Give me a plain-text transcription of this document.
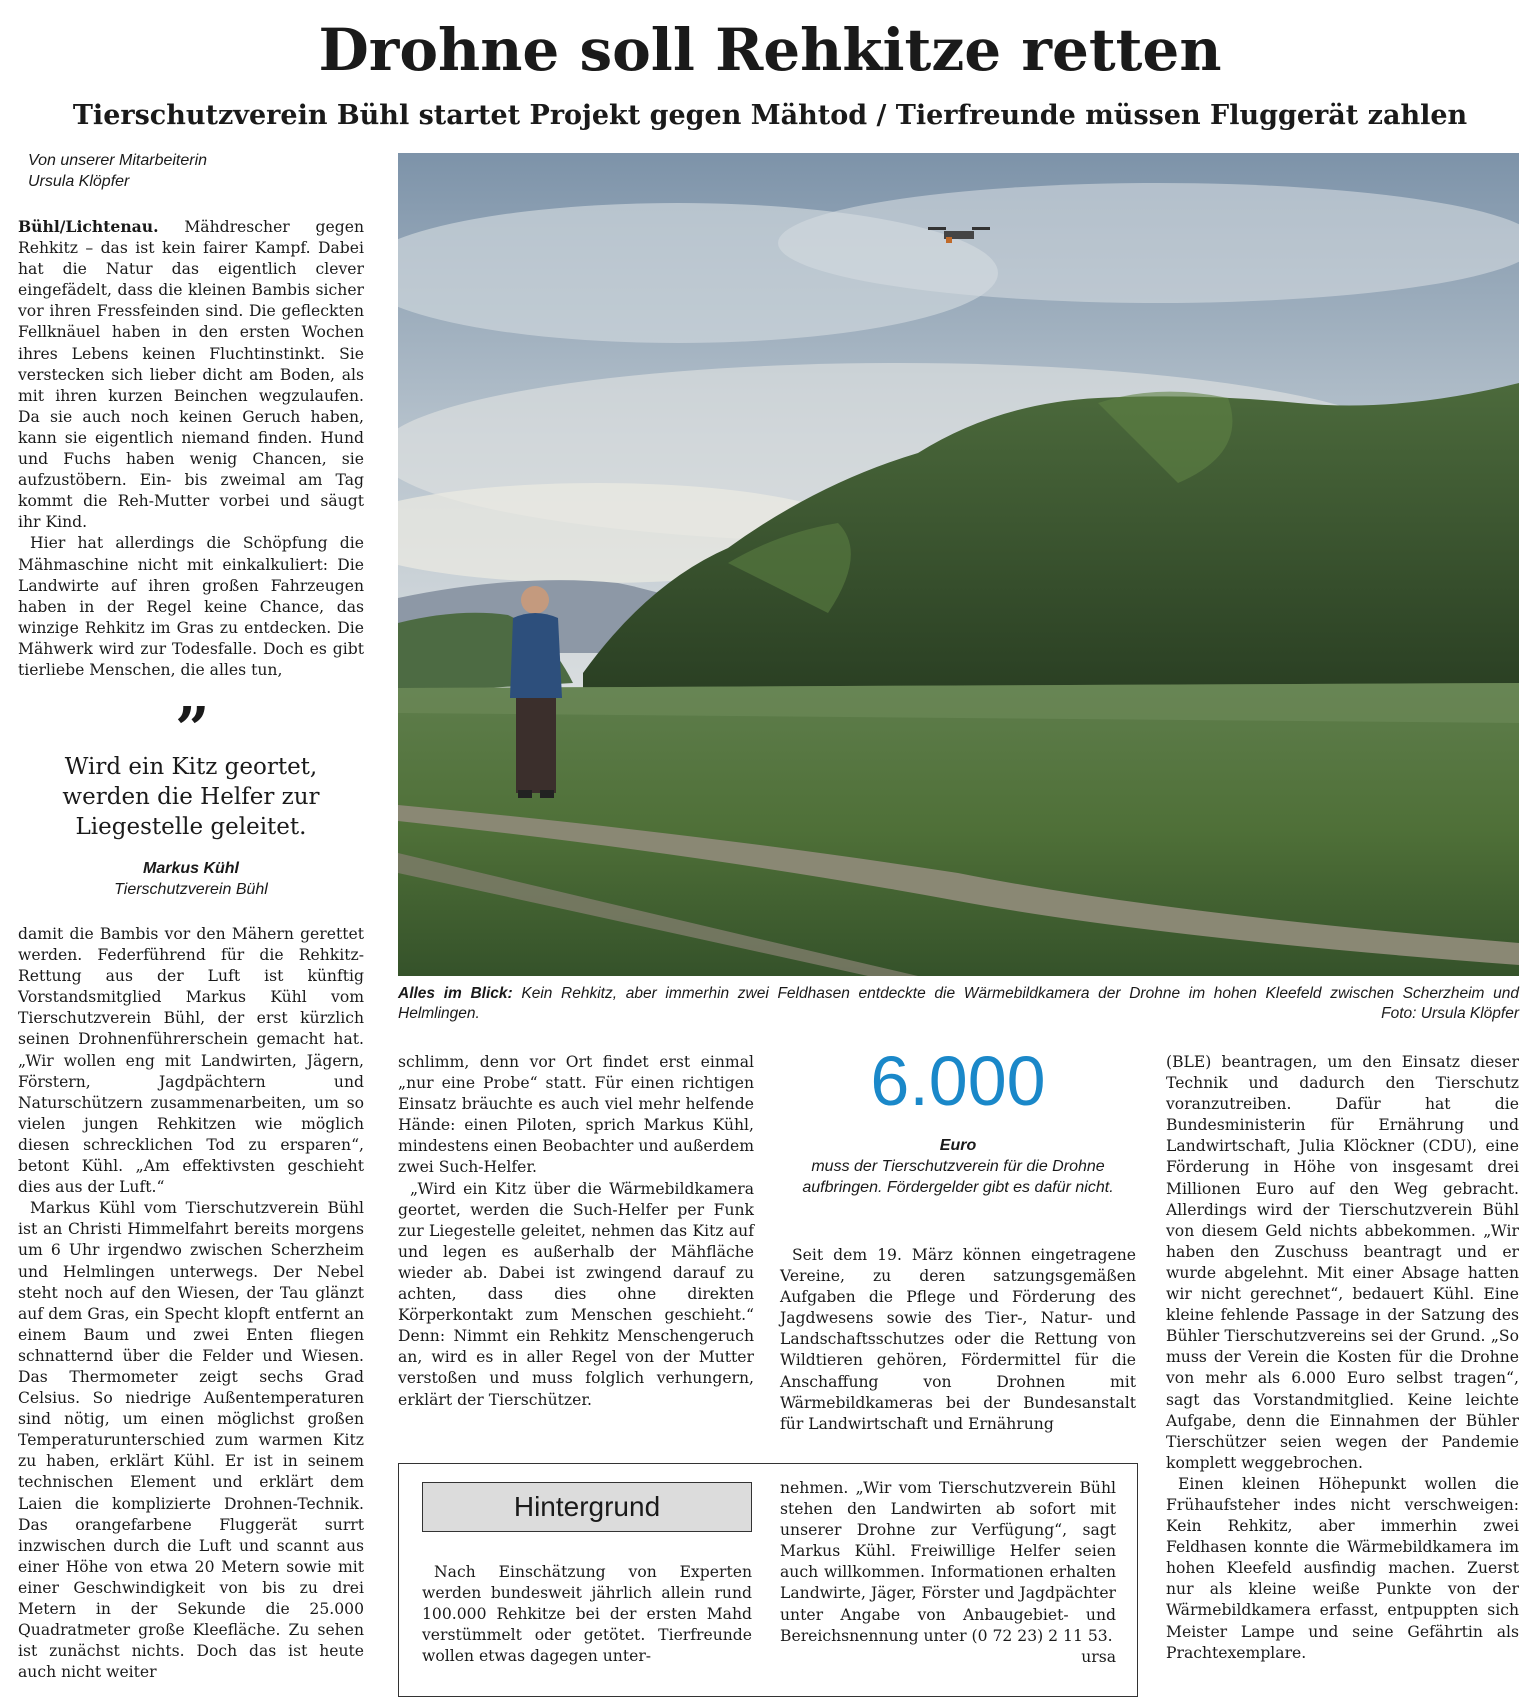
Drohne soll Rehkitze retten
Tierschutzverein Bühl startet Projekt gegen Mähtod / Tierfreunde müssen Fluggerät zahlen
Von unserer Mitarbeiterin
Ursula Klöpfer

Bühl/Lichtenau. Mähdrescher gegen Rehkitz – das ist kein fairer Kampf. Dabei hat die Natur das eigentlich clever eingefädelt, dass die kleinen Bambis sicher vor ihren Fressfeinden sind. Die gefleckten Fellknäuel haben in den ersten Wochen ihres Lebens keinen Fluchtinstinkt. Sie verstecken sich lieber dicht am Boden, als mit ihren kurzen Beinchen wegzulaufen. Da sie auch noch keinen Geruch haben, kann sie eigentlich niemand finden. Hund und Fuchs haben wenig Chancen, sie aufzustöbern. Ein- bis zweimal am Tag kommt die Reh-Mutter vorbei und säugt ihr Kind.

Hier hat allerdings die Schöpfung die Mähmaschine nicht mit einkalkuliert: Die Landwirte auf ihren großen Fahrzeugen haben in der Regel keine Chance, das winzige Rehkitz im Gras zu entdecken. Die Mähwerk wird zur Todesfalle. Doch es gibt tierliebe Menschen, die alles tun,

”
Wird ein Kitz geortet, werden die Helfer zur Liegestelle geleitet.
Markus Kühl
Tierschutzverein Bühl

damit die Bambis vor den Mähern gerettet werden. Federführend für die Rehkitz-Rettung aus der Luft ist künftig Vorstandsmitglied Markus Kühl vom Tierschutzverein Bühl, der erst kürzlich seinen Drohnenführerschein gemacht hat. „Wir wollen eng mit Landwirten, Jägern, Förstern, Jagdpächtern und Naturschützern zusammenarbeiten, um so vielen jungen Rehkitzen wie möglich diesen schrecklichen Tod zu ersparen“, betont Kühl. „Am effektivsten geschieht dies aus der Luft.“

Markus Kühl vom Tierschutzverein Bühl ist an Christi Himmelfahrt bereits morgens um 6 Uhr irgendwo zwischen Scherzheim und Helmlingen unterwegs. Der Nebel steht noch auf den Wiesen, der Tau glänzt auf dem Gras, ein Specht klopft entfernt an einem Baum und zwei Enten fliegen schnatternd über die Felder und Wiesen. Das Thermometer zeigt sechs Grad Celsius. So niedrige Außentemperaturen sind nötig, um einen möglichst großen Temperaturunterschied zum warmen Kitz zu haben, erklärt Kühl. Er ist in seinem technischen Element und erklärt dem Laien die komplizierte Drohnen-Technik. Das orangefarbene Fluggerät surrt inzwischen durch die Luft und scannt aus einer Höhe von etwa 20 Metern sowie mit einer Geschwindigkeit von bis zu drei Metern in der Sekunde die 25.000 Quadratmeter große Kleefläche. Zu sehen ist zunächst nichts. Doch das ist heute auch nicht weiter

Alles im Blick: Kein Rehkitz, aber immerhin zwei Feldhasen entdeckte die Wärmebildkamera der Drohne im hohen Kleefeld zwischen Scherzheim und Helmlingen.	Foto: Ursula Klöpfer

schlimm, denn vor Ort findet erst einmal „nur eine Probe“ statt. Für einen richtigen Einsatz bräuchte es auch viel mehr helfende Hände: einen Piloten, sprich Markus Kühl, mindestens einen Beobachter und außerdem zwei Such-Helfer.

„Wird ein Kitz über die Wärmebildkamera geortet, werden die Such-Helfer per Funk zur Liegestelle geleitet, nehmen das Kitz auf und legen es außerhalb der Mähfläche wieder ab. Dabei ist zwingend darauf zu achten, dass dies ohne direkten Körperkontakt zum Menschen geschieht.“ Denn: Nimmt ein Rehkitz Menschengeruch an, wird es in aller Regel von der Mutter verstoßen und muss folglich verhungern, erklärt der Tierschützer.

6.000
Euro
muss der Tierschutzverein für die Drohne aufbringen. Fördergelder gibt es dafür nicht.

Seit dem 19. März können eingetragene Vereine, zu deren satzungsgemäßen Aufgaben die Pflege und Förderung des Jagdwesens sowie des Tier-, Natur- und Landschaftsschutzes oder die Rettung von Wildtieren gehören, Fördermittel für die Anschaffung von Drohnen mit Wärmebildkameras bei der Bundesanstalt für Landwirtschaft und Ernährung

(BLE) beantragen, um den Einsatz dieser Technik und dadurch den Tierschutz voranzutreiben. Dafür hat die Bundesministerin für Ernährung und Landwirtschaft, Julia Klöckner (CDU), eine Förderung in Höhe von insgesamt drei Millionen Euro auf den Weg gebracht. Allerdings wird der Tierschutzverein Bühl von diesem Geld nichts abbekommen. „Wir haben den Zuschuss beantragt und er wurde abgelehnt. Mit einer Absage hatten wir nicht gerechnet“, bedauert Kühl. Eine kleine fehlende Passage in der Satzung des Bühler Tierschutzvereins sei der Grund. „So muss der Verein die Kosten für die Drohne von mehr als 6.000 Euro selbst tragen“, sagt das Vorstandmitglied. Keine leichte Aufgabe, denn die Einnahmen der Bühler Tierschützer seien wegen der Pandemie komplett weggebrochen.

Einen kleinen Höhepunkt wollen die Frühaufsteher indes nicht verschweigen: Kein Rehkitz, aber immerhin zwei Feldhasen konnte die Wärmebildkamera im hohen Kleefeld ausfindig machen. Zuerst nur als kleine weiße Punkte von der Wärmebildkamera erfasst, entpuppten sich Meister Lampe und seine Gefährtin als Prachtexemplare.

Hintergrund

Nach Einschätzung von Experten werden bundesweit jährlich allein rund 100.000 Rehkitze bei der ersten Mahd verstümmelt oder getötet. Tierfreunde wollen etwas dagegen unter-

nehmen. „Wir vom Tierschutzverein Bühl stehen den Landwirten ab sofort mit unserer Drohne zur Verfügung“, sagt Markus Kühl. Freiwillige Helfer seien auch willkommen. Informationen erhalten Landwirte, Jäger, Förster und Jagdpächter unter Angabe von Anbaugebiet- und Bereichsnennung unter (0 72 23) 2 11 53.
ursa
